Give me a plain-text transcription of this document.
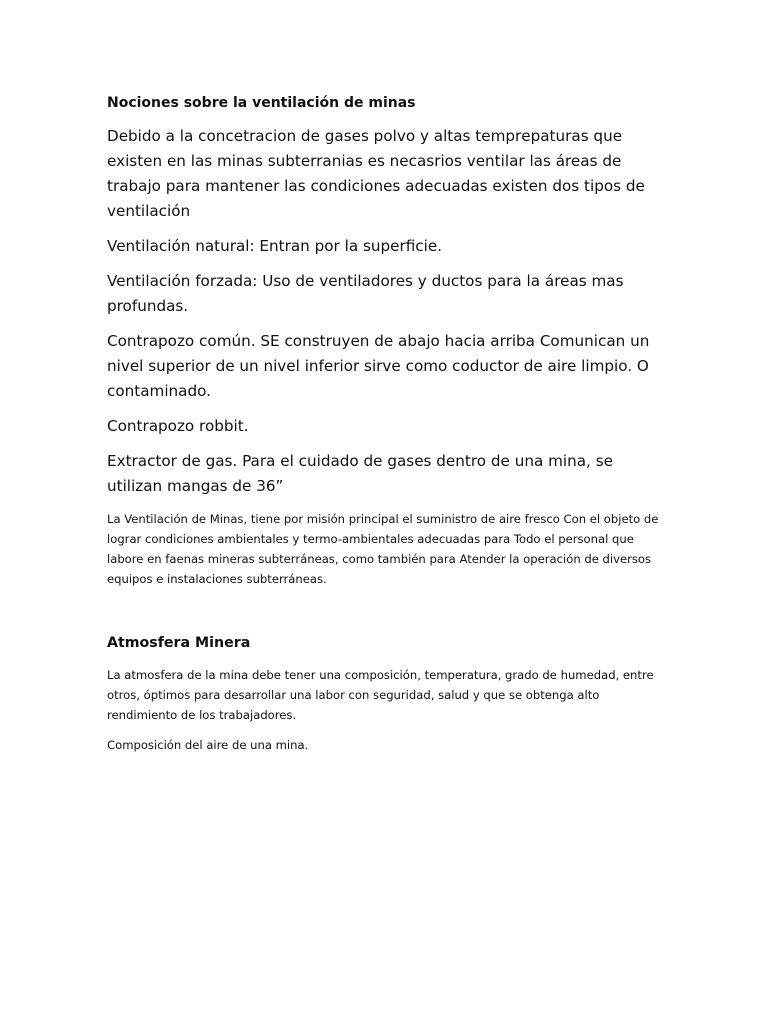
Nociones sobre la ventilación de minas
Debido a la concetracion de gases polvo y altas temprераturas que existen en las minas subterranias es necasrios ventilar las áreas de trabajo para mantener las condiciones adecuadas existen dos tipos de ventilación
Ventilación natural: Entran por la superficie.
Ventilación forzada: Uso de ventiladores y ductos para la áreas mas profundas.
Contrapozo común. SE construyen de abajo hacia arriba Comunican un nivel superior de un nivel inferior sirve como coductor de aire limpio. O contaminado.
Contrapozo robbit.
Extractor de gas. Para el cuidado de gases dentro de una mina, se utilizan mangas de 36”
La Ventilación de Minas, tiene por misión principal el suministro de aire fresco Con el objeto de lograr condiciones ambientales y termo-ambientales adecuadas para Todo el personal que labore en faenas mineras subterráneas, como también para Atender la operación de diversos equipos e instalaciones subterráneas.
Atmosfera Minera
La atmosfera de la mina debe tener una composición, temperatura, grado de humedad, entre otros, óptimos para desarrollar una labor con seguridad, salud y que se obtenga alto rendimiento de los trabajadores.
Composición del aire de una mina.
